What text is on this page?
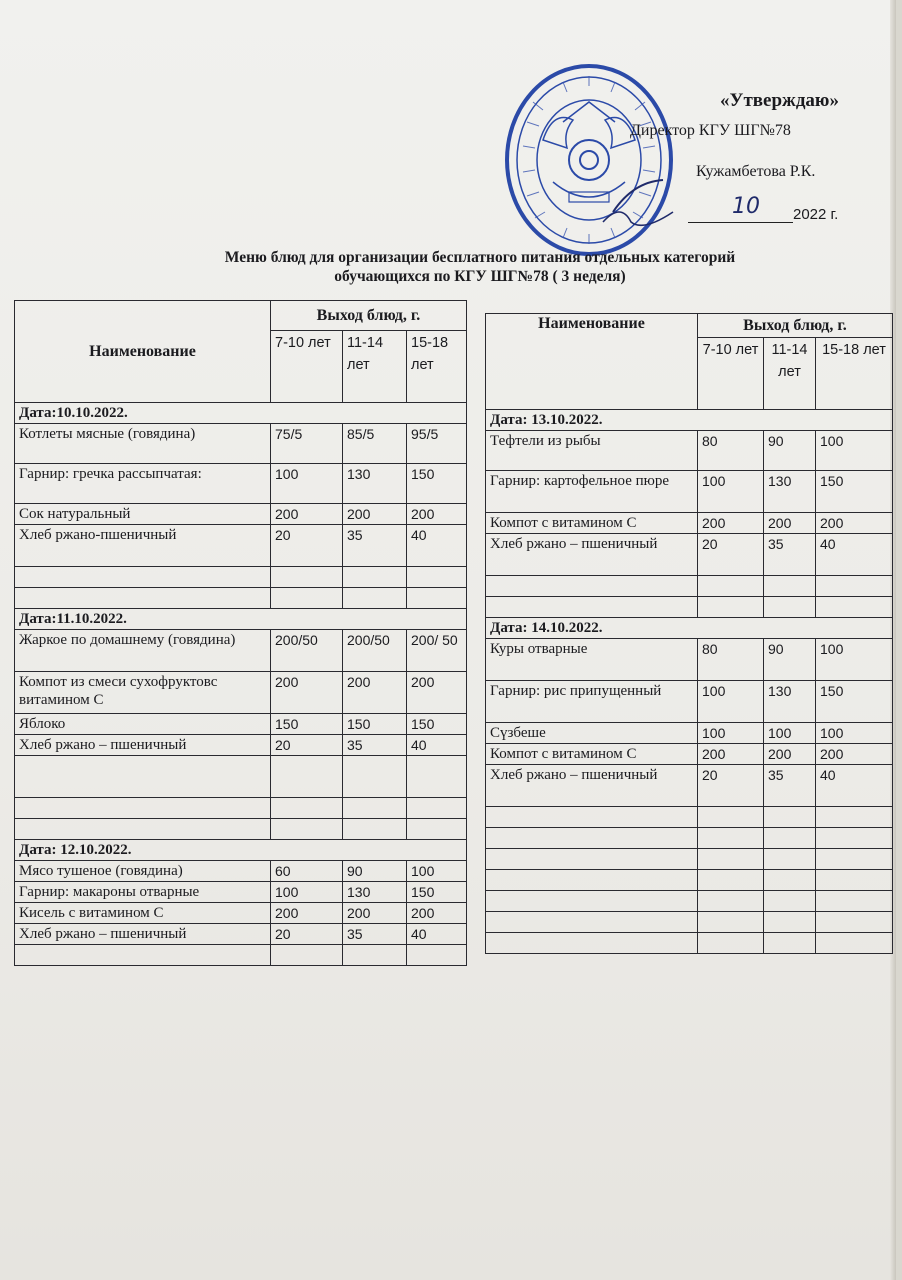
«Утверждаю»
Директор КГУ ШГ№78
Кужамбетова Р.К.
10 2022 г.
Меню блюд для организации бесплатного питания отдельных категорий
обучающихся по КГУ ШГ№78 ( 3 неделя)
Наименование	Выход блюд, г.		
	7-10 лет	11-14 лет	15-18 лет
Дата:10.10.2022.			
Котлеты мясные (говядина)	75/5	85/5	95/5
Гарнир: гречка рассыпчатая:	100	130	150
Сок натуральный	200	200	200
Хлеб ржано-пшеничный	20	35	40

Дата:11.10.2022.			
Жаркое по домашнему (говядина)	200/50	200/50	200/ 50
Компот из смеси сухофруктовс витамином С	200	200	200
Яблоко	150	150	150
Хлеб ржано – пшеничный	20	35	40

Дата: 12.10.2022.			
Мясо тушеное (говядина)	60	90	100
Гарнир: макароны отварные	100	130	150
Кисель с витамином С	200	200	200
Хлеб ржано – пшеничный	20	35	40

Наименование	Выход блюд, г.		
	7-10 лет	11-14 лет	15-18 лет
Дата: 13.10.2022.			
Тефтели из рыбы	80	90	100
Гарнир: картофельное пюре	100	130	150
Компот с витамином С	200	200	200
Хлеб ржано – пшеничный	20	35	40

Дата: 14.10.2022.			
Куры отварные	80	90	100
Гарнир: рис припущенный	100	130	150
Сүзбеше	100	100	100
Компот с витамином С	200	200	200
Хлеб ржано – пшеничный	20	35	40
